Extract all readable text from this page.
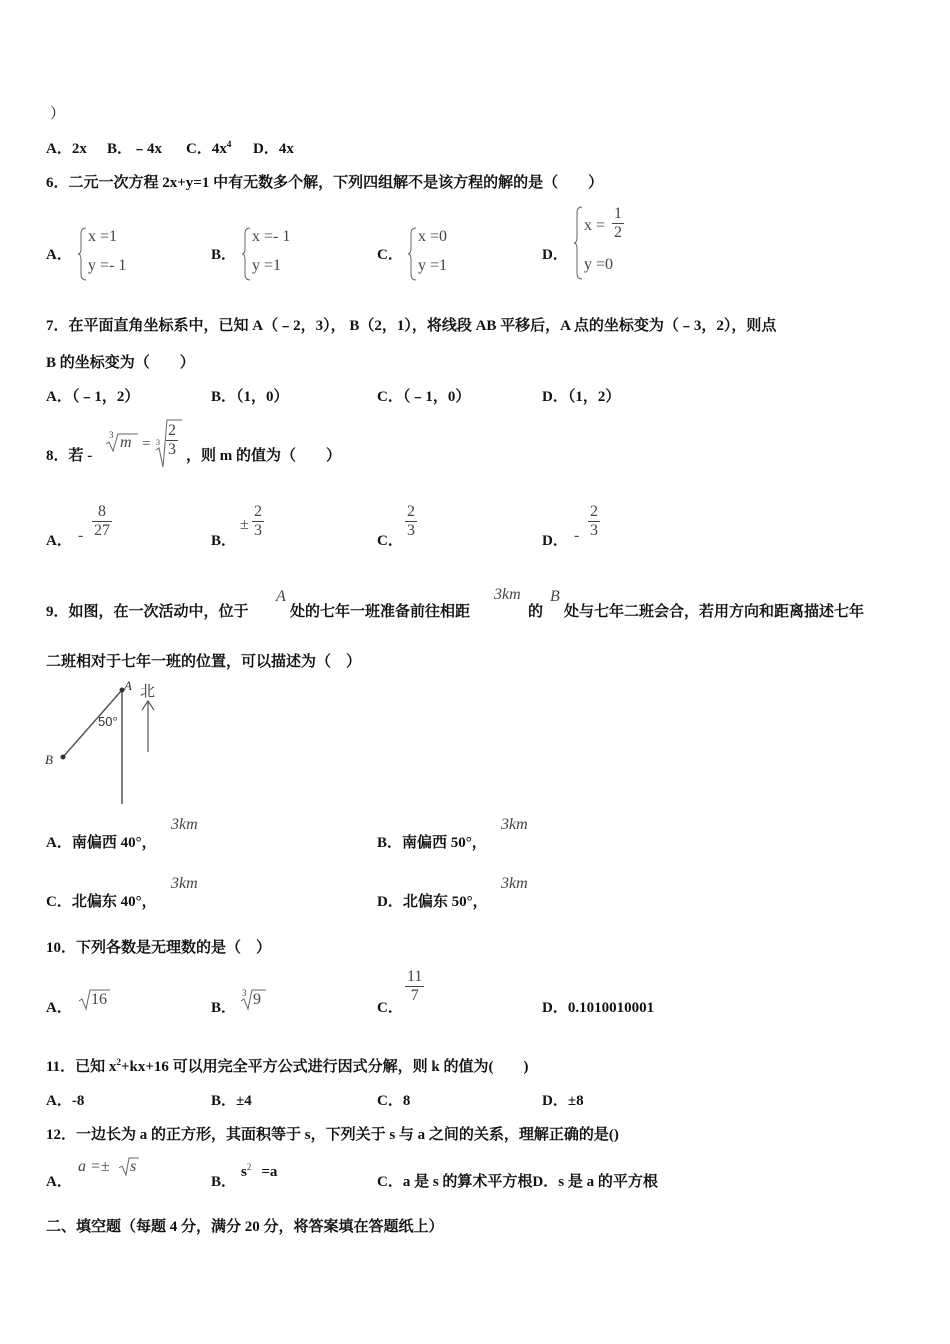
）
A．2x B．﹣4x C．$4x^4$ D．4x
6．二元一次方程 2x+y=1 中有无数多个解，下列四组解不是该方程的解的是（　　）
A．
x =1
y =- 1
B．
x =- 1
y =1
C．
x =0
y =1
D．
$x = \frac{1}{2}$
y =0
7．在平面直角坐标系中，已知 A（﹣2，3）， B（2，1），将线段 AB 平移后，A 点的坐标变为（﹣3，2），则点
B 的坐标变为（　　）
A．（﹣1，2）	B．（1，0）	C．（﹣1，0）	D．（1，2）
8．若 -
3 $m = 3 \frac{2}{3}$ ，则 m 的值为（　　）
A． - $\frac{8}{27}$
B．
± $\frac{2}{3}$
C．
$\frac{2}{3}$
D． - $\frac{2}{3}$
9．如图，在一次活动中，位于
A
处的七年一班准备前往相距
3km
的
B
处与七年二班会合，若用方向和距离描述七年
二班相对于七年一班的位置，可以描述为（　）
A 北
50°
B
A．南偏西 40°，
3km
B．南偏西 50°，
3km
C．北偏东 40°，
3km
D．北偏东 50°，
3km
10．下列各数是无理数的是（　）
A． 16	B．
3 9	C．
$\frac{11}{7}$
D．0.1010010001
11．已知 $x^2+kx+16$ 可以用完全平方公式进行因式分解，则 k 的值为(　　)
A．-8	B．±4	C．8	D．±8
12．一边长为 a 的正方形，其面积等于 s，下列关于 s 与 a 之间的关系，理解正确的是()
A．
a =± s
B．
$s^2 =a$
C．a 是 s 的算术平方根D．s 是 a 的平方根
二、填空题（每题 4 分，满分 20 分，将答案填在答题纸上）
